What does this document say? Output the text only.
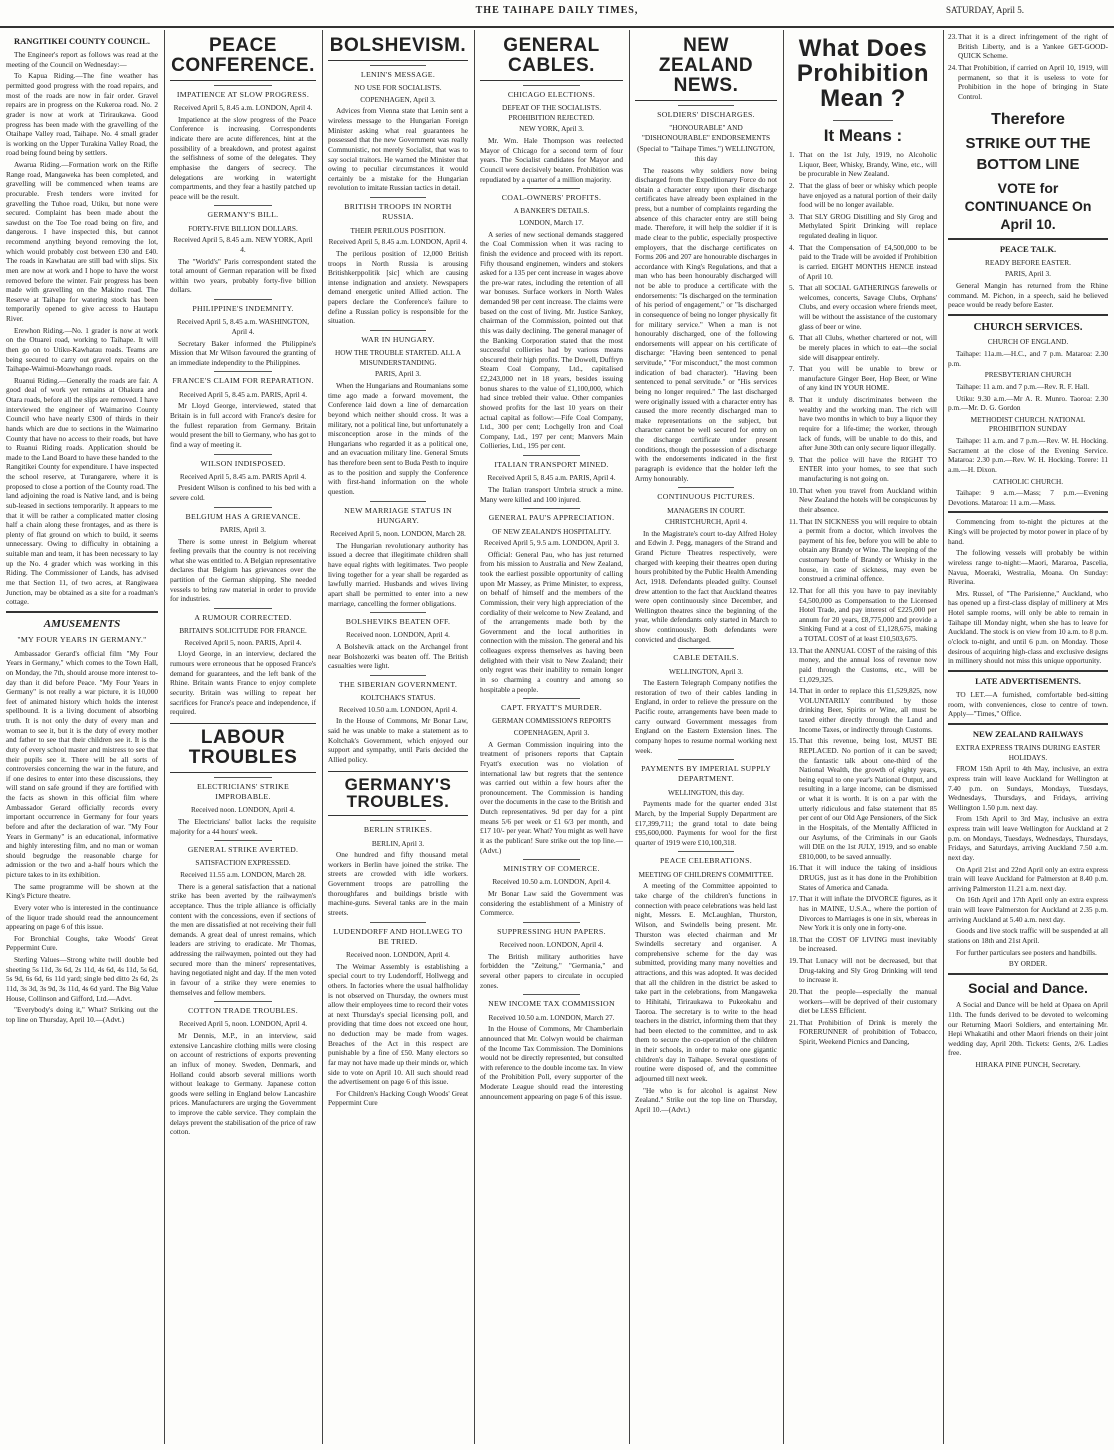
THE TAIHAPE DAILY TIMES,	SATURDAY, April 5.
RANGITIKEI COUNTY COUNCIL.

The Engineer's report as follows was read at the meeting of the Council on Wednesday:—

To Kapua Riding.—The fine weather has permitted good progress with the road repairs, and most of the roads are now in fair order. Gravel repairs are in progress on the Kukeroa road. No. 2 grader is now at work at Tiriraukawa. Good progress has been made with the gravelling of the Otaihape Valley road, Taihape. No. 4 small grader is working on the Upper Turakina Valley Road, the road being found being by settlers.

Awarua Riding.—Formation work on the Rifle Range road, Mangaweka has been completed, and gravelling will be commenced when teams are procurable. Fresh tenders were invited for gravelling the Tuhoe road, Utiku, but none were secured. Complaint has been made about the sawdust on the Toe Toe road being on fire, and dangerous. I have inspected this, but cannot recommend anything beyond removing the lot, which would probably cost between £30 and £40. The roads in Kawhatau are still bad with slips. Six men are now at work and I hope to have the worst removed before the winter. Fair progress has been made with gravelling on the Makino road. The Reserve at Taihape for watering stock has been temporarily opened to give access to Hautapu River.

Erewhon Riding.—No. 1 grader is now at work on the Otuarei road, working to Taihape. It will then go on to Utiku-Kawhatau roads. Teams are being secured to carry out gravel repairs on the Taihape-Waimui-Moawhango roads.

Ruanui Riding.—Generally the roads are fair. A good deal of work yet remains at Ohakura and Otara roads, before all the slips are removed. I have interviewed the engineer of Waimarino County Council who have nearly £300 of thirds in their hands which are due to sections in the Waimarino County that have no access to their roads, but have to Ruanui Riding roads. Application should be made to the Land Board to have these handed to the Rangitikei County for expenditure. I have inspected the school reserve, at Turangarere, where it is proposed to close a portion of the County road. The land adjoining the road is Native land, and is being sub-leased in sections temporarily. It appears to me that it will be rather a complicated matter closing half a chain along these frontages, and as there is plenty of flat ground on which to build, it seems unnecessary. Owing to difficulty in obtaining a suitable man and team, it has been necessary to lay up the No. 4 grader which was working in this Riding. The Commissioner of Lands, has advised me that Section 11, of two acres, at Rangiwaea Junction, may be obtained as a site for a roadman's cottage.

AMUSEMENTS
"MY FOUR YEARS IN GERMANY."

Ambassador Gerard's official film "My Four Years in Germany," which comes to the Town Hall, on Monday, the 7th, should arouse more interest to-day than it did before Peace. "My Four Years in Germany" is not really a war picture, it is 10,000 feet of animated history which holds the interest spellbound. It is a living document of absorbing truth. It is not only the duty of every man and woman to see it, but it is the duty of every mother and father to see that their children see it. It is the duty of every school master and mistress to see that their pupils see it. There will be all sorts of controversies concerning the war in the future, and if one desires to enter into these discussions, they will stand on safe ground if they are fortified with the facts as shown in this official film where Ambassador Gerard officially records every important occurrence in Germany for four years before and after the declaration of war. "My Four Years in Germany" is an educational, informative and highly interesting film, and no man or woman should begrudge the reasonable charge for admission or the two and a-half hours which the picture takes to in its exhibition.

The same programme will be shown at the King's Picture theatre.

Every voter who is interested in the continuance of the liquor trade should read the announcement appearing on page 6 of this issue.

For Bronchial Coughs, take Woods' Great Peppermint Cure.

Sterling Values—Strong white twill double bed sheeting 5s 11d, 3s 6d, 2s 11d, 4s 6d, 4s 11d, 5s 6d, 5s 9d, 6s 6d, 6s 11d yard; single bed ditto 2s 6d, 2s 11d, 3s 3d, 3s 9d, 3s 11d, 4s 6d yard. The Big Value House, Collinson and Gifford, Ltd.—Advt.

"Everybody's doing it," What? Striking out the top line on Thursday, April 10.—(Advt.)

PEACE CONFERENCE.
IMPATIENCE AT SLOW PROGRESS.

Received April 5, 8.45 a.m. LONDON, April 4.

Impatience at the slow progress of the Peace Conference is increasing. Correspondents indicate there are acute differences, hint at the possibility of a breakdown, and protest against the selfishness of some of the delegates. They emphasise the dangers of secrecy. The delegations are working in watertight compartments, and they fear a hastily patched up peace will be the result.

GERMANY'S BILL.

FORTY-FIVE BILLION DOLLARS.

Received April 5, 8.45 a.m. NEW YORK, April 4.

The "World's" Paris correspondent stated the total amount of German reparation will be fixed within two years, probably forty-five billion dollars.

PHILIPPINE'S INDEMNITY.

Received April 5, 8.45 a.m. WASHINGTON, April 4.

Secretary Baker informed the Philippine's Mission that Mr Wilson favoured the granting of an immediate independity to the Philippines.

FRANCE'S CLAIM FOR REPARATION.

Received April 5, 8.45 a.m. PARIS, April 4.

Mr Lloyd George, interviewed, stated that Britain is in full accord with France's desire for the fullest reparation from Germany. Britain would present the bill to Germany, who has got to find a way of meeting it.

WILSON INDISPOSED.

Received April 5, 8.45 a.m. PARIS April 4.

President Wilson is confined to his bed with a severe cold.

BELGIUM HAS A GRIEVANCE.

PARIS, April 3.

There is some unrest in Belgium whereat feeling prevails that the country is not receiving what she was entitled to. A Belgian representative declares that Belgium has grievances over the partition of the German shipping. She needed vessels to bring raw material in order to provide for industries.

A RUMOUR CORRECTED.

BRITAIN'S SOLICITUDE FOR FRANCE.

Received April 5, noon. PARIS, April 4.

Lloyd George, in an interview, declared the rumours were erroneous that he opposed France's demand for guarantees, and the left bank of the Rhine. Britain wants France to enjoy complete security. Britain was willing to repeat her sacrifices for France's peace and independence, if required.

LABOUR TROUBLES
ELECTRICIANS' STRIKE IMPROBABLE.

Received noon. LONDON, April 4.

The Electricians' ballot lacks the requisite majority for a 44 hours' week.

GENERAL STRIKE AVERTED.

SATISFACTION EXPRESSED.

Received 11.55 a.m. LONDON, March 28.

There is a general satisfaction that a national strike has been averted by the railwaymen's acceptance. Thus the triple alliance is officially content with the concessions, even if sections of the men are dissatisfied at not receiving their full demands. A great deal of unrest remains, which leaders are striving to eradicate. Mr Thomas, addressing the railwaymen, pointed out they had secured more than the miners' representatives, having negotiated night and day. If the men voted in favour of a strike they were enemies to themselves and fellow members.

COTTON TRADE TROUBLES.

Received April 5, noon. LONDON, April 4.

Mr Dennis, M.P., in an interview, said extensive Lancashire clothing mills were closing on account of restrictions of exports preventing an influx of money. Sweden, Denmark, and Holland could absorb several millions worth without leakage to Germany. Japanese cotton goods were selling in England below Lancashire prices. Manufacturers are urging the Government to improve the cable service. They complain the delays prevent the stabilisation of the price of raw cotton.

BOLSHEVISM.
LENIN'S MESSAGE.

NO USE FOR SOCIALISTS.

COPENHAGEN, April 3.

Advices from Vienna state that Lenin sent a wireless message to the Hungarian Foreign Minister asking what real guarantees he possessed that the new Government was really Communistic, not merely Socialist, that was to say social traitors. He warned the Minister that owing to peculiar circumstances it would certainly be a mistake for the Hungarian revolution to imitate Russian tactics in detail.

BRITISH TROOPS IN NORTH RUSSIA.

THEIR PERILOUS POSITION.

Received April 5, 8.45 a.m. LONDON, April 4.

The perilous position of 12,000 British troops in North Russia is arousing Britishkerppolitik [sic] which are causing intense indignation and anxiety. Newspapers demand energetic united Allied action. The papers declare the Conference's failure to define a Russian policy is responsible for the situation.

WAR IN HUNGARY.

HOW THE TROUBLE STARTED. ALL A MISUNDERSTANDING.

PARIS, April 3.

When the Hungarians and Roumanians some time ago made a forward movement, the Conference laid down a line of demarcation beyond which neither should cross. It was a military, not a political line, but unfortunately a misconception arose in the minds of the Hungarians who regarded it as a political one, and an evacuation military line. General Smuts has therefore been sent to Buda Pesth to inquire as to the position and supply the Conference with first-hand information on the whole question.

NEW MARRIAGE STATUS IN HUNGARY.

Received April 5, noon. LONDON, March 28.

The Hungarian revolutionary authority has issued a decree that illegitimate children shall have equal rights with legitimates. Two people living together for a year shall be regarded as lawfully married. Husbands and wives living apart shall be permitted to enter into a new marriage, cancelling the former obligations.

BOLSHEVIKS BEATEN OFF.

Received noon. LONDON, April 4.

A Bolshevik attack on the Archangel front near Bolshozerki was beaten off. The British casualties were light.

THE SIBERIAN GOVERNMENT.

KOLTCHAK'S STATUS.

Received 10.50 a.m. LONDON, April 4.

In the House of Commons, Mr Bonar Law, said he was unable to make a statement as to Koltchak's Government, which enjoyed our support and sympathy, until Paris decided the Allied policy.

GERMANY'S TROUBLES.
BERLIN STRIKES.

BERLIN, April 3.

One hundred and fifty thousand metal workers in Berlin have joined the strike. The streets are crowded with idle workers. Government troops are patrolling the thoroughfares and buildings bristle with machine-guns. Several tanks are in the main streets.

LUDENDORFF AND HOLLWEG TO BE TRIED.

Received noon. LONDON, April 4.

The Weimar Assembly is establishing a special court to try Ludendorff, Hollwegg and others. In factories where the usual halfholiday is not observed on Thursday, the owners must allow their employees time to record their votes at next Thursday's special licensing poll, and providing that time does not exceed one hour, no deduction may be made from wages. Breaches of the Act in this respect are punishable by a fine of £50. Many electors so far may not have made up their minds or, which side to vote on April 10. All such should read the advertisement on page 6 of this issue.

For Children's Hacking Cough Woods' Great Peppermint Cure

GENERAL CABLES.
CHICAGO ELECTIONS.

DEFEAT OF THE SOCIALISTS. PROHIBITION REJECTED.

NEW YORK, April 3.

Mr. Wm. Hale Thompson was reelected Mayor of Chicago for a second term of four years. The Socialist candidates for Mayor and Council were decisively beaten. Prohibition was repudiated by a quarter of a million majority.

COAL-OWNERS' PROFITS.

A BANKER'S DETAILS.

LONDON, March 17.

A series of new sectional demands staggered the Coal Commission when it was racing to finish the evidence and proceed with its report. Fifty thousand enginemen, winders and stokers asked for a 135 per cent increase in wages above the pre-war rates, including the retention of all war bonuses. Surface workers in North Wales demanded 98 per cent increase. The claims were based on the cost of living. Mr. Justice Sankey, chairman of the Commission, pointed out that this was daily declining. The general manager of the Banking Corporation stated that the most successful collieries had by various means obscured their high profits. The Dowell, Duffryn Steam Coal Company, Ltd., capitalised £2,243,000 net in 18 years, besides issuing bonus shares to the value of £1,100,000, which had since trebled their value. Other companies showed profits for the last 10 years on their actual capital as follow:—Fife Coal Company, Ltd., 300 per cent; Lochgelly Iron and Coal Company, Ltd., 197 per cent; Manvers Main Collieries, Ltd., 195 per cent.

ITALIAN TRANSPORT MINED.

Received April 5, 8.45 a.m. PARIS, April 4.

The Italian transport Umbria struck a mine. Many were killed and 100 injured.

GENERAL PAU'S APPRECIATION.

OF NEW ZEALAND'S HOSPITALITY.

Received April 5, 9.5 a.m. LONDON, April 3.

Official: General Pau, who has just returned from his mission to Australia and New Zealand, took the earliest possible opportunity of calling upon Mr Massey, as Prime Minister, to express, on behalf of himself and the members of the Commission, their very high appreciation of the cordiality of their welcome to New Zealand, and of the arrangements made both by the Government and the local authorities in connection with the mission. The general and his colleagues express themselves as having been delighted with their visit to New Zealand; their only regret was their inability to remain longer in so charming a country and among so hospitable a people.

CAPT. FRYATT'S MURDER.

GERMAN COMMISSION'S REPORTS

COPENHAGEN, April 3.

A German Commission inquiring into the treatment of prisoners reports that Captain Fryatt's execution was no violation of international law but regrets that the sentence was carried out within a few hours after the pronouncement. The Commission is handing over the documents in the case to the British and Dutch representatives. 9d per day for a pint means 5/6 per week or £1 6/3 per month, and £17 10/- per year. What? You might as well have it as the publican! Sure strike out the top line.—(Advt.)

MINISTRY OF COMERCE.

Received 10.50 a.m. LONDON, April 4.

Mr Bonar Law said the Government was considering the establishment of a Ministry of Commerce.

SUPPRESSING HUN PAPERS.

Received noon. LONDON, April 4.

The British military authorities have forbidden the "Zeitung," "Germania," and several other papers to circulate in occupied zones.

NEW INCOME TAX COMMISSION

Received 10.50 a.m. LONDON, March 27.

In the House of Commons, Mr Chamberlain announced that Mr. Colwyn would be chairman of the Income Tax Commission. The Dominions would not be directly represented, but consulted with reference to the double income tax. In view of the Prohibition Poll, every supporter of the Moderate League should read the interesting announcement appearing on page 6 of this issue.

NEW ZEALAND NEWS.
SOLDIERS' DISCHARGES.

"HONOURABLE" AND "DISHONOURABLE" ENDORSEMENTS

(Special to "Taihape Times.") WELLINGTON, this day

The reasons why soldiers now being discharged from the Expeditionary Force do not obtain a character entry upon their discharge certificates have already been explained in the press, but a number of complaints regarding the absence of this character entry are still being made. Therefore, it will help the soldier if it is made clear to the public, especially prospective employers, that the discharge certificates on Forms 206 and 207 are honourable discharges in accordance with King's Regulations, and that a man who has been honourably discharged will not be able to produce a certificate with the endorsements: "Is discharged on the termination of his period of engagement," or "Is discharged in consequence of being no longer physically fit for military service." When a man is not honourably discharged, one of the following endorsements will appear on his certificate of discharge: "Having been sentenced to penal servitude," "For misconduct," the most common indication of bad character). "Having been sentenced to penal servitude." or "His services being no longer required." The last discharged were originally issued with a character entry has caused the more recently discharged man to make representations on the subject, but character cannot be well secured for entry on the discharge certificate under present conditions, though the possession of a discharge with the endorsements indicated in the first paragraph is evidence that the holder left the Army honourably.

CONTINUOUS PICTURES.

MANAGERS IN COURT.

CHRISTCHURCH, April 4.

In the Magistrate's court to-day Alfred Holey and Edwin J. Pegg, managers of the Strand and Grand Picture Theatres respectively, were charged with keeping their theatres open during hours prohibited by the Public Health Amending Act, 1918. Defendants pleaded guilty. Counsel drew attention to the fact that Auckland theatres were open continuously since December, and Wellington theatres since the beginning of the year, while defendants only started in March to show continuously. Both defendants were convicted and discharged.

CABLE DETAILS.

WELLINGTON, April 3.

The Eastern Telegraph Company notifies the restoration of two of their cables landing in England, in order to relieve the pressure on the Pacific route, arrangements have been made to carry outward Government messages from England on the Eastern Extension lines. The company hopes to resume normal working next week.

PAYMENTS BY IMPERIAL SUPPLY DEPARTMENT.

WELLINGTON, this day.

Payments made for the quarter ended 31st March, by the Imperial Supply Department are £17,399,711; the grand total to date being £95,600,000. Payments for wool for the first quarter of 1919 were £10,100,318.

PEACE CELEBRATIONS.

MEETING OF CHILDREN'S COMMITTEE.

A meeting of the Committee appointed to take charge of the children's functions in connection with peace celebrations was held last night, Messrs. E. McLaughlan, Thurston, Wilson, and Swindells being present. Mr. Thurston was elected chairman and Mr Swindells secretary and organiser. A comprehensive scheme for the day was submitted, providing many many novelties and attractions, and this was adopted. It was decided that all the children in the district be asked to take part in the celebrations, from Mangaweka to Hihitahi, Tiriraukawa to Pukeokahu and Taoroa. The secretary is to write to the head teachers in the district, informing them that they had been elected to the committee, and to ask them to secure the co-operation of the children in their schools, in order to make one gigantic children's day in Taihape. Several questions of routine were disposed of, and the committee adjourned till next week.

"He who is for alcohol is against New Zealand." Strike out the top line on Thursday, April 10.—(Advt.)

What Does Prohibition Mean ?
It Means :

1. That on the 1st July, 1919, no Alcoholic Liquor, Beer, Whisky, Brandy, Wine, etc., will be procurable in New Zealand.

2. That the glass of beer or whisky which people have enjoyed as a natural portion of their daily food will be no longer available.

3. That SLY GROG Distilling and Sly Grog and Methylated Spirit Drinking will replace regulated dealing in liquor.

4. That the Compensation of £4,500,000 to be paid to the Trade will be avoided if Prohibition is carried. EIGHT MONTHS HENCE instead of April 10.

5. That all SOCIAL GATHERINGS farewells or welcomes, concerts, Savage Clubs, Orphans' Clubs, and every occasion where friends meet, will be without the assistance of the customary glass of beer or wine.

6. That all Clubs, whether chartered or not, will be merely places in which to eat—the social side will disappear entirely.

7. That you will be unable to brew or manufacture Ginger Beer, Hop Beer, or Wine of any kind IN YOUR HOME.

8. That it unduly discriminates between the wealthy and the working man. The rich will have two months in which to buy a liquor they require for a life-time; the worker, through lack of funds, will be unable to do this, and after June 30th can only secure liquor illegally.

9. That the police will have the RIGHT TO ENTER into your homes, to see that such manufacturing is not going on.

10. That when you travel from Auckland within New Zealand the hotels will be conspicuous by their absence.

11. That IN SICKNESS you will require to obtain a permit from a doctor, which involves the payment of his fee, before you will be able to obtain any Brandy or Wine. The keeping of the customary bottle of Brandy or Whisky in the house, in case of sickness, may even be construed a criminal offence.

12. That for all this you have to pay inevitably £4,500,000 as Compensation to the Licensed Hotel Trade, and pay interest of £225,000 per annum for 20 years, £8,775,000 and provide a Sinking Fund at a cost of £1,128,675, making a TOTAL COST of at least £10,503,675.

13. That the ANNUAL COST of the raising of this money, and the annual loss of revenue now paid through the Customs, etc., will be £1,029,325.

14. That in order to replace this £1,529,825, now VOLUNTARILY contributed by those drinking Beer, Spirits or Wine, all must be taxed either directly through the Land and Income Taxes, or indirectly through Customs.

15. That this revenue, being lost, MUST BE REPLACED. No portion of it can be saved; the fantastic talk about one-third of the National Wealth, the growth of eighty years, being equal to one year's National Output, and resulting in a large income, can be dismissed or what it is worth. It is on a par with the utterly ridiculous and false statement that 85 per cent of our Old Age Pensioners, of the Sick in the Hospitals, of the Mentally Afflicted in our Asylums, of the Criminals in our Gaols will DIE on the 1st JULY, 1919, and so enable £810,000, to be saved annually.

16. That it will induce the taking of insidious DRUGS, just as it has done in the Prohibition States of America and Canada.

17. That it will inflate the DIVORCE figures, as it has in MAINE, U.S.A., where the portion of Divorces to Marriages is one in six, whereas in New York it is only one in forty-one.

18. That the COST OF LIVING must inevitably be increased.

19. That Lunacy will not be decreased, but that Drug-taking and Sly Grog Drinking will tend to increase it.

20. That the people—especially the manual workers—will be deprived of their customary diet be LESS Efficient.

21. That Prohibition of Drink is merely the FORERUNNER of prohibition of Tobacco, Spirit, Weekend Picnics and Dancing,

23. That it is a direct infringement of the right of British Liberty, and is a Yankee GET-GOOD-QUICK Scheme.

24. That Prohibition, if carried on April 10, 1919, will permanent, so that it is useless to vote for Prohibition in the hope of bringing in State Control.

Therefore
STRIKE OUT THE BOTTOM LINE
VOTE for CONTINUANCE On April 10.
PEACE TALK.

READY BEFORE EASTER.

PARIS, April 3.

General Mangin has returned from the Rhine command. M. Pichon, in a speech, said he believed peace would be ready before Easter.

CHURCH SERVICES.

CHURCH OF ENGLAND.

Taihape: 11a.m.—H.C., and 7 p.m. Mataroa: 2.30 p.m.

PRESBYTERIAN CHURCH

Taihape: 11 a.m. and 7 p.m.—Rev. R. F. Hall.

Utiku: 9.30 a.m.—Mr A. R. Munro. Taoroa: 2.30 p.m.—Mr. D. G. Gordon

METHODIST CHURCH. NATIONAL PROHIBITION SUNDAY

Taihape: 11 a.m. and 7 p.m.—Rev. W. H. Hocking. Sacrament at the close of the Evening Service. Mataroa: 2.30 p.m.—Rev. W. H. Hocking. Torere: 11 a.m.—H. Dixon.

CATHOLIC CHURCH.

Taihape: 9 a.m.—Mass; 7 p.m.—Evening Devotions. Mataroa: 11 a.m.—Mass.

Commencing from to-night the pictures at the King's will be projected by motor power in place of by hand.

The following vessels will probably be within wireless range to-night:—Maori, Mararoa, Pascelia, Navua, Moeraki, Westralia, Moana. On Sunday: Riverina.

Mrs. Russel, of "The Parisienne," Auckland, who has opened up a first-class display of millinery at Mrs Hotel sample rooms, will only be able to remain in Taihape till Monday night, when she has to leave for Auckland. The stock is on view from 10 a.m. to 8 p.m. o'clock to-night, and until 6 p.m. on Monday. Those desirous of acquiring high-class and exclusive designs in millinery should not miss this unique opportunity.

LATE ADVERTISEMENTS.

TO LET.—A furnished, comfortable bed-sitting room, with conveniences, close to centre of town. Apply—"Times," Office.

NEW ZEALAND RAILWAYS

EXTRA EXPRESS TRAINS DURING EASTER HOLIDAYS.

FROM 15th April to 4th May, inclusive, an extra express train will leave Auckland for Wellington at 7.40 p.m. on Sundays, Mondays, Tuesdays, Wednesdays, Thursdays, and Fridays, arriving Wellington 1.50 p.m. next day.

From 15th April to 3rd May, inclusive an extra express train will leave Wellington for Auckland at 2 p.m. on Mondays, Tuesdays, Wednesdays, Thursdays, Fridays, and Saturdays, arriving Auckland 7.50 a.m. next day.

On April 21st and 22nd April only an extra express train will leave Auckland for Palmerston at 8.40 p.m. arriving Palmerston 11.21 a.m. next day.

On 16th April and 17th April only an extra express train will leave Palmerston for Auckland at 2.35 p.m. arriving Auckland at 5.40 a.m. next day.

Goods and live stock traffic will be suspended at all stations on 18th and 21st April.

For further particulars see posters and handbills.

BY ORDER.

Social and Dance.

A Social and Dance will be held at Opaea on April 11th. The funds derived to be devoted to welcoming our Returning Maori Soldiers, and entertaining Mr. Hepi Whakatihi and other Maori friends on their joint wedding day, April 20th. Tickets: Gents, 2/6. Ladies free.

HIRAKA PINE PUNCH, Secretary.
